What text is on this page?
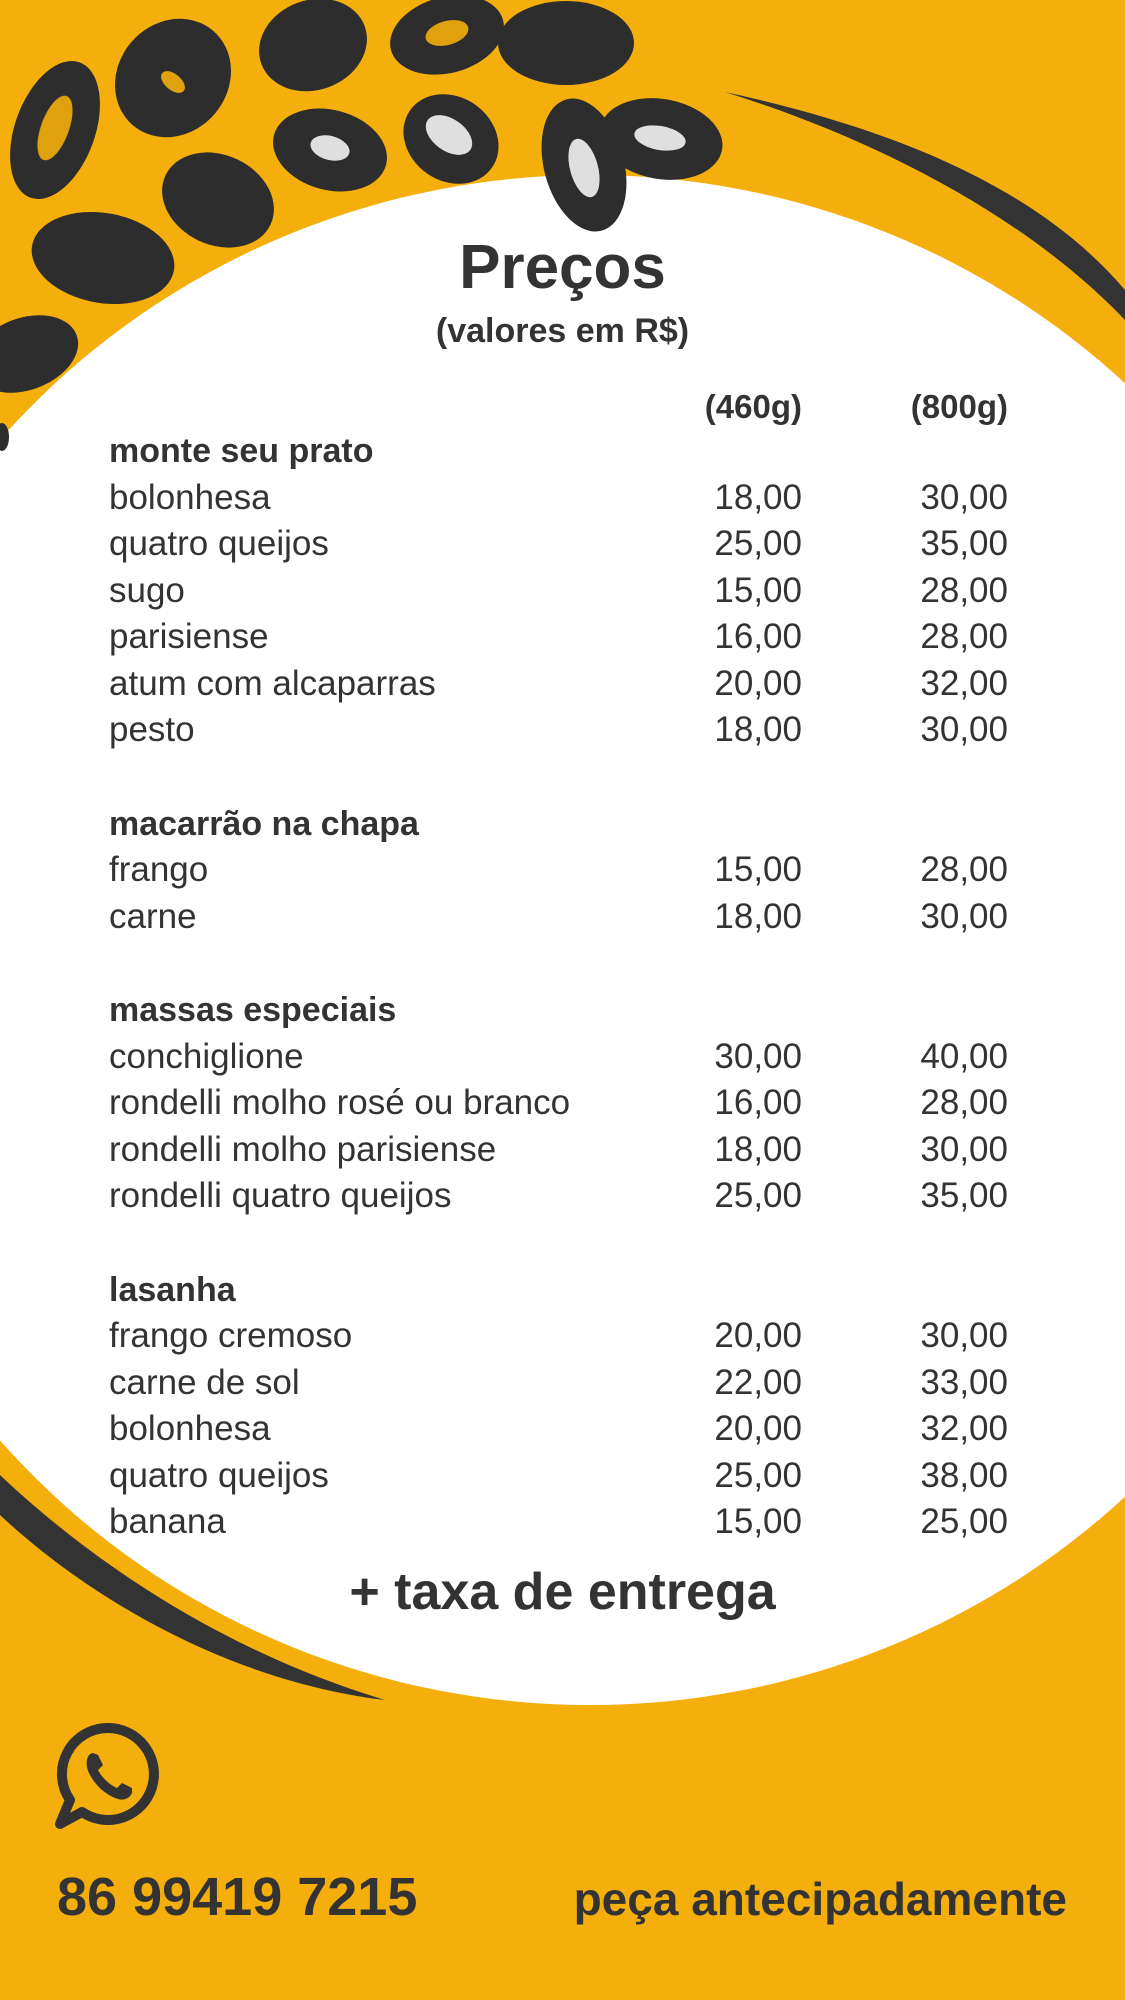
Preços
(valores em R$)
(460g)	(800g)
monte seu prato
bolonhesa	18,00	30,00
quatro queijos	25,00	35,00
sugo	15,00	28,00
parisiense	16,00	28,00
atum com alcaparras	20,00	32,00
pesto	18,00	30,00
macarrão na chapa
frango	15,00	28,00
carne	18,00	30,00
massas especiais
conchiglione	30,00	40,00
rondelli molho rosé ou branco	16,00	28,00
rondelli molho parisiense	18,00	30,00
rondelli quatro queijos	25,00	35,00
lasanha
frango cremoso	20,00	30,00
carne de sol	22,00	33,00
bolonhesa	20,00	32,00
quatro queijos	25,00	38,00
banana	15,00	25,00
+ taxa de entrega
86 99419 7215	peça antecipadamente
